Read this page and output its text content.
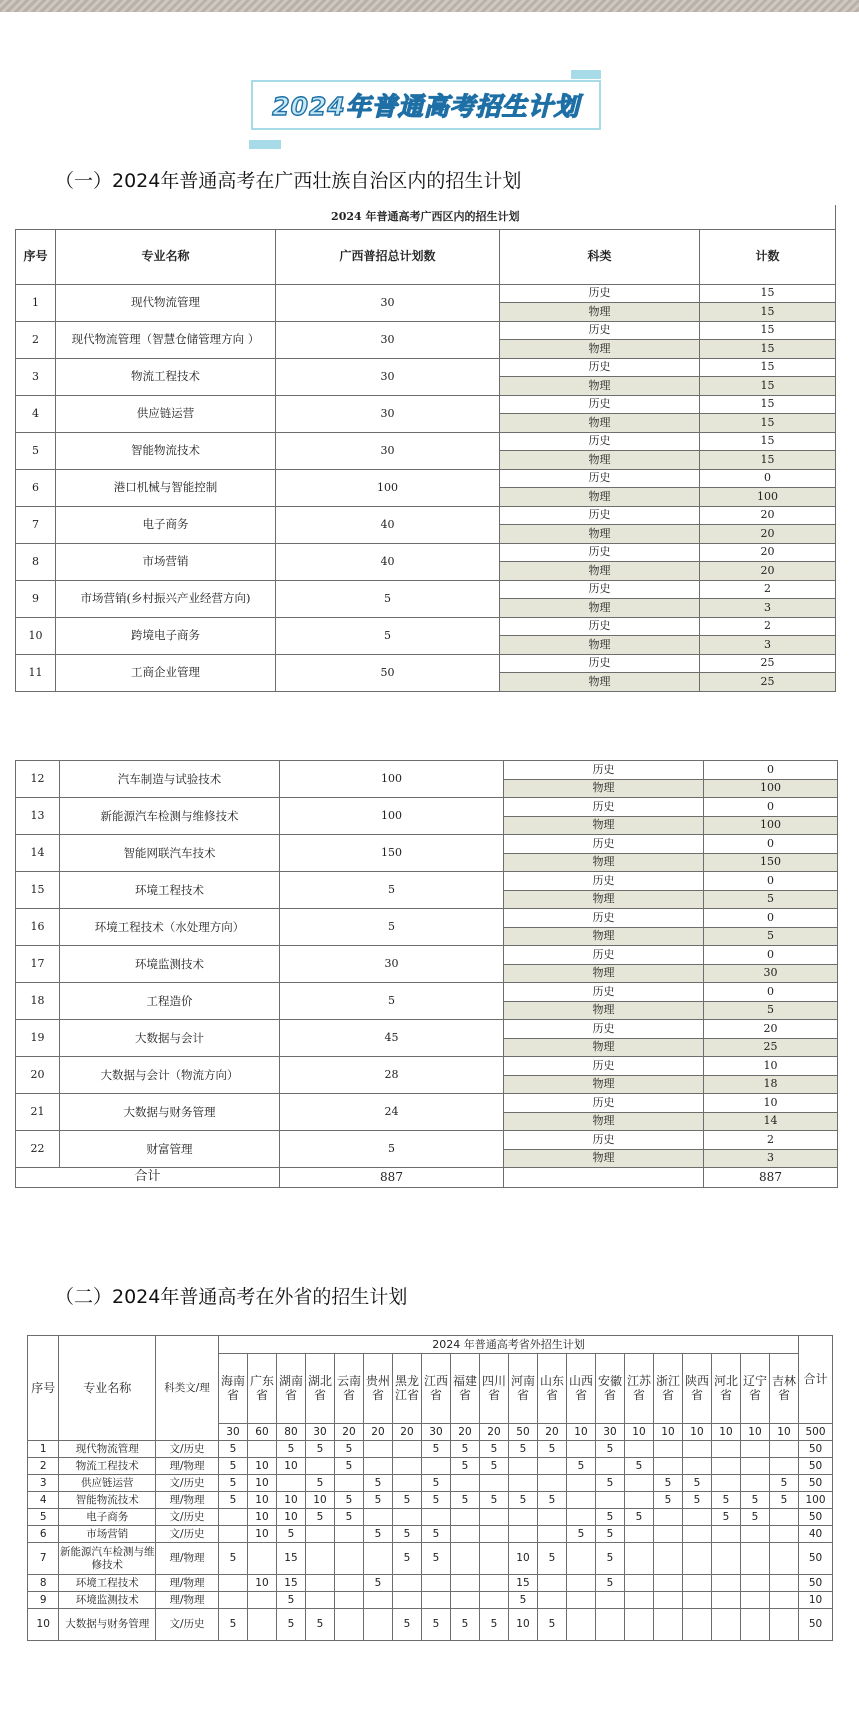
2024年普通高考招生计划
（一）2024年普通高考在广西壮族自治区内的招生计划
2024 年普通高考广西区内的招生计划				
序号	专业名称	广西普招总计划数	科类	计数
1	现代物流管理	30	历史	15
			物理	15
2	现代物流管理（智慧仓储管理方向 ）	30	历史	15
			物理	15
3	物流工程技术	30	历史	15
			物理	15
4	供应链运营	30	历史	15
			物理	15
5	智能物流技术	30	历史	15
			物理	15
6	港口机械与智能控制	100	历史	0
			物理	100
7	电子商务	40	历史	20
			物理	20
8	市场营销	40	历史	20
			物理	20
9	市场营销(乡村振兴产业经营方向)	5	历史	2
			物理	3
10	跨境电子商务	5	历史	2
			物理	3
11	工商企业管理	50	历史	25
			物理	25
12	汽车制造与试验技术	100	历史	0
			物理	100
13	新能源汽车检测与维修技术	100	历史	0
			物理	100
14	智能网联汽车技术	150	历史	0
			物理	150
15	环境工程技术	5	历史	0
			物理	5
16	环境工程技术（水处理方向）	5	历史	0
			物理	5
17	环境监测技术	30	历史	0
			物理	30
18	工程造价	5	历史	0
			物理	5
19	大数据与会计	45	历史	20
			物理	25
20	大数据与会计（物流方向）	28	历史	10
			物理	18
21	大数据与财务管理	24	历史	10
			物理	14
22	财富管理	5	历史	2
			物理	3
合计		887		887
（二）2024年普通高考在外省的招生计划
序号	专业名称	科类文/理	2024 年普通高考省外招生计划																				合计
			海南省	广东省	湖南省	湖北省	云南省	贵州省	黑龙江省	江西省	福建省	四川省	河南省	山东省	山西省	安徽省	江苏省	浙江省	陕西省	河北省	辽宁省	吉林省	
			30	60	80	30	20	20	20	30	20	20	50	20	10	30	10	10	10	10	10	10	500
1	现代物流管理	文/历史	5		5	5	5			5	5	5	5	5		5							50
2	物流工程技术	理/物理	5	10	10		5				5	5			5		5						50
3	供应链运营	文/历史	5	10		5		5		5						5		5	5			5	50
4	智能物流技术	理/物理	5	10	10	10	5	5	5	5	5	5	5	5				5	5	5	5	5	100
5	电子商务	文/历史		10	10	5	5									5	5			5	5		50
6	市场营销	文/历史		10	5			5	5	5					5	5							40
7	新能源汽车检测与维修技术	理/物理	5		15				5	5			10	5		5							50
8	环境工程技术	理/物理		10	15			5					15			5							50
9	环境监测技术	理/物理			5								5										10
10	大数据与财务管理	文/历史	5		5	5			5	5	5	5	10	5									50
